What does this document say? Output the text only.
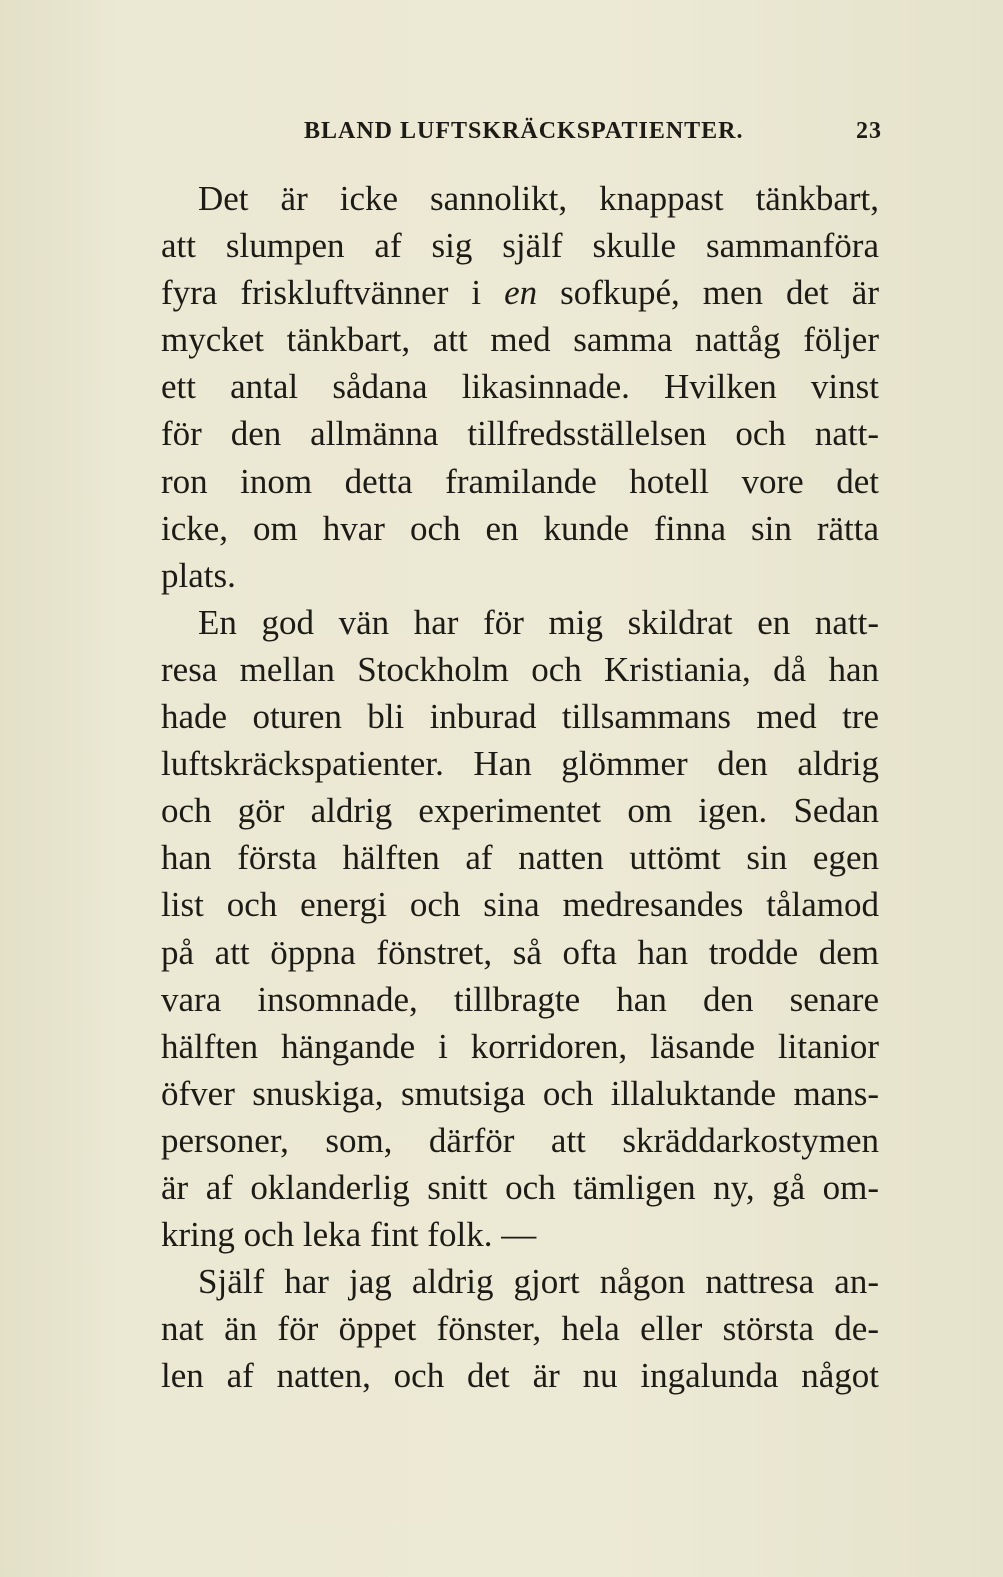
BLAND LUFTSKRÄCKSPATIENTER.	23
Det är icke sannolikt, knappast tänkbart,
att slumpen af sig själf skulle sammanföra
fyra friskluftvänner i en sofkupé, men det är
mycket tänkbart, att med samma nattåg följer
ett antal sådana likasinnade. Hvilken vinst
för den allmänna tillfredsställelsen och natt-
ron inom detta framilande hotell vore det
icke, om hvar och en kunde finna sin rätta
plats.
En god vän har för mig skildrat en natt-
resa mellan Stockholm och Kristiania, då han
hade oturen bli inburad tillsammans med tre
luftskräckspatienter. Han glömmer den aldrig
och gör aldrig experimentet om igen. Sedan
han första hälften af natten uttömt sin egen
list och energi och sina medresandes tålamod
på att öppna fönstret, så ofta han trodde dem
vara insomnade, tillbragte han den senare
hälften hängande i korridoren, läsande litanior
öfver snuskiga, smutsiga och illaluktande mans-
personer, som, därför att skräddarkostymen
är af oklanderlig snitt och tämligen ny, gå om-
kring och leka fint folk. —
Själf har jag aldrig gjort någon nattresa an-
nat än för öppet fönster, hela eller största de-
len af natten, och det är nu ingalunda något
